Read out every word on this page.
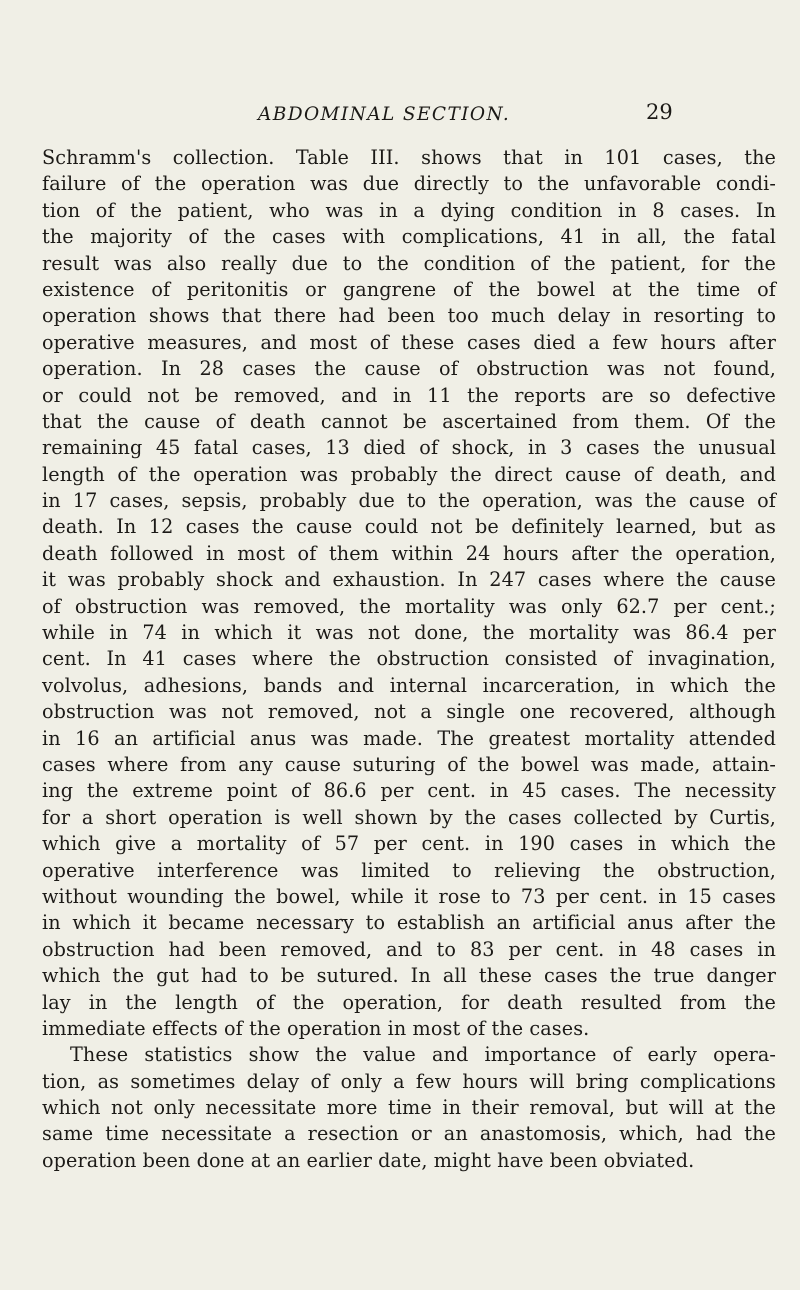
ABDOMINAL SECTION.	29
Schramm's collection. Table III. shows that in 101 cases, the
failure of the operation was due directly to the unfavorable condi-
tion of the patient, who was in a dying condition in 8 cases. In
the majority of the cases with complications, 41 in all, the fatal
result was also really due to the condition of the patient, for the
existence of peritonitis or gangrene of the bowel at the time of
operation shows that there had been too much delay in resorting to
operative measures, and most of these cases died a few hours after
operation. In 28 cases the cause of obstruction was not found,
or could not be removed, and in 11 the reports are so defective
that the cause of death cannot be ascertained from them. Of the
remaining 45 fatal cases, 13 died of shock, in 3 cases the unusual
length of the operation was probably the direct cause of death, and
in 17 cases, sepsis, probably due to the operation, was the cause of
death. In 12 cases the cause could not be definitely learned, but as
death followed in most of them within 24 hours after the operation,
it was probably shock and exhaustion. In 247 cases where the cause
of obstruction was removed, the mortality was only 62.7 per cent.;
while in 74 in which it was not done, the mortality was 86.4 per
cent. In 41 cases where the obstruction consisted of invagination,
volvolus, adhesions, bands and internal incarceration, in which the
obstruction was not removed, not a single one recovered, although
in 16 an artificial anus was made. The greatest mortality attended
cases where from any cause suturing of the bowel was made, attain-
ing the extreme point of 86.6 per cent. in 45 cases. The necessity
for a short operation is well shown by the cases collected by Curtis,
which give a mortality of 57 per cent. in 190 cases in which the
operative interference was limited to relieving the obstruction,
without wounding the bowel, while it rose to 73 per cent. in 15 cases
in which it became necessary to establish an artificial anus after the
obstruction had been removed, and to 83 per cent. in 48 cases in
which the gut had to be sutured. In all these cases the true danger
lay in the length of the operation, for death resulted from the
immediate effects of the operation in most of the cases.
These statistics show the value and importance of early opera-
tion, as sometimes delay of only a few hours will bring complications
which not only necessitate more time in their removal, but will at the
same time necessitate a resection or an anastomosis, which, had the
operation been done at an earlier date, might have been obviated.
